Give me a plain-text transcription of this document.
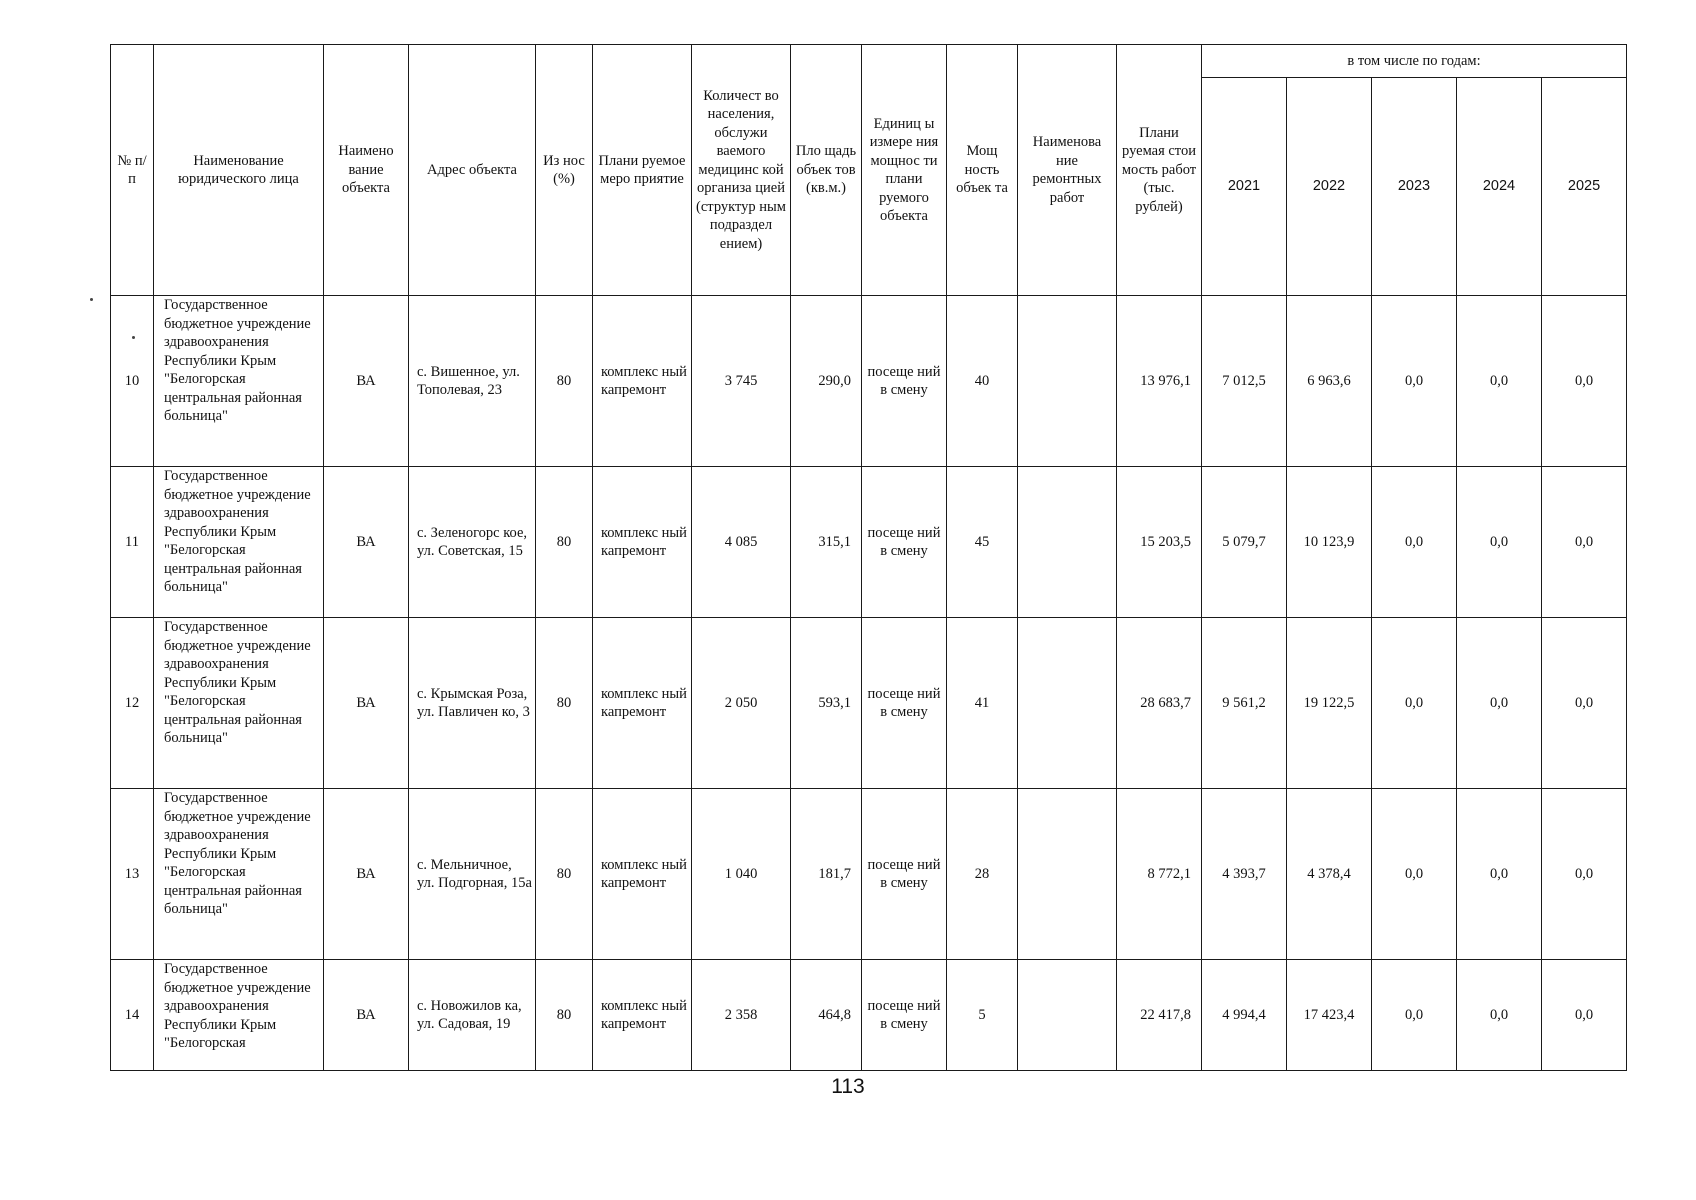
№ п/п	Наименование юридического лица	Наимено вание объекта	Адрес объекта	Из нос (%)	Плани руемое меро приятие	Количест во населения, обслужи ваемого медицинс кой организа цией (структур ным подраздел ением)	Пло щадь объек тов (кв.м.)	Единиц ы измере ния мощнос ти плани руемого объекта	Мощ ность объек та	Наименова ние ремонтных работ	Плани руемая стои мость работ (тыс. рублей)	в том числе по годам:				
												2021	2022	2023	2024	2025
10	Государственное бюджетное учреждение здравоохранения Республики Крым "Белогорская центральная районная больница"	ВА	с. Вишенное, ул. Тополевая, 23	80	комплекс ный капремонт	3 745	290,0	посеще ний в смену	40		13 976,1	7 012,5	6 963,6	0,0	0,0	0,0
11	Государственное бюджетное учреждение здравоохранения Республики Крым "Белогорская центральная районная больница"	ВА	с. Зеленогорс кое, ул. Советская, 15	80	комплекс ный капремонт	4 085	315,1	посеще ний в смену	45		15 203,5	5 079,7	10 123,9	0,0	0,0	0,0
12	Государственное бюджетное учреждение здравоохранения Республики Крым "Белогорская центральная районная больница"	ВА	с. Крымская Роза, ул. Павличен ко, 3	80	комплекс ный капремонт	2 050	593,1	посеще ний в смену	41		28 683,7	9 561,2	19 122,5	0,0	0,0	0,0
13	Государственное бюджетное учреждение здравоохранения Республики Крым "Белогорская центральная районная больница"	ВА	с. Мельничное, ул. Подгорная, 15а	80	комплекс ный капремонт	1 040	181,7	посеще ний в смену	28		8 772,1	4 393,7	4 378,4	0,0	0,0	0,0
14	Государственное бюджетное учреждение здравоохранения Республики Крым "Белогорская	ВА	с. Новожилов ка, ул. Садовая, 19	80	комплекс ный капремонт	2 358	464,8	посеще ний в смену	5		22 417,8	4 994,4	17 423,4	0,0	0,0	0,0
113
